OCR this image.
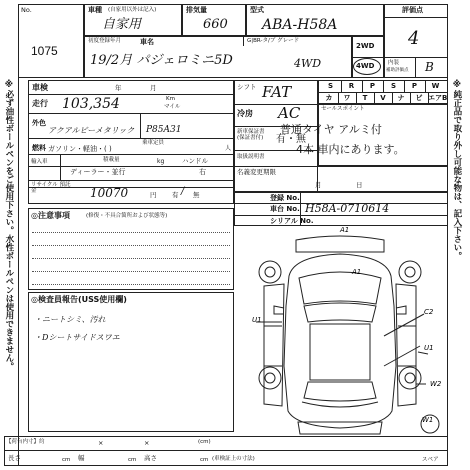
No.
1075
車種 (自家用以外は記入)
自家用
排気量
660
型式
ABA-H58A
評価点
4
初度登録年月	車名	G|BR-タ/ブ グレード
19/2月 パジェロミニ5D	4WD
2WD
4WD 内装
補助評価点 B
車検	年	月
走行 103,354	Km
マイル
外色
アクアルビーメタリック P85A31
燃料 ガソリン・軽油・( )
乗車定員
人
輸入車	積載量	kg	ハンドル
ディーラー・並行	右
リサイクル 預託金	10070	円 有 / 無
◎注意事項	(修復・不具合箇所および状態等)
◎検査員報告(USS使用欄)
・ニートシミ、汚れ
・Dシートサイドスワエ
シフト FAT
冷房 AC
新車保証書 (保証書付)	有・無
取扱説明書
S	R	P	S	P	W
カ	ワ	T	V	ナ	ビ エアB
セールスポイント
普通タイヤ アルミ付
4本 車内にあります。
名義変更期限
月	日
登録 No.
車台 No. H58A-0710614
シリアル No.
A1
A1
U1
C2
U1
W2
W1
【荷台内寸】約	×	×	(cm)
長さ	cm 幅	cm 高さ	cm (車検証上の寸法)	スペア
※必ず油性ボールペンをご使用下さい。水性ボールペンは使用できません。	※純正品で取り外し可能な物は、記入下さい。
